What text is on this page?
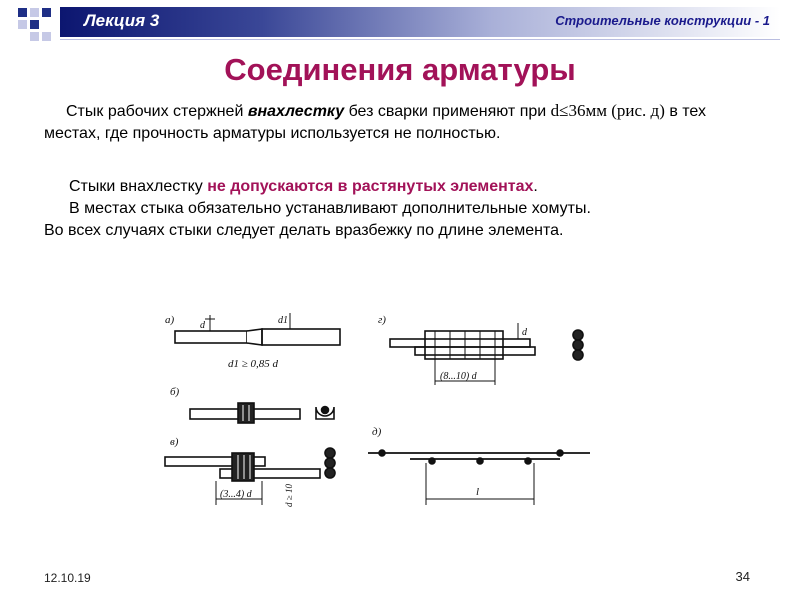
Лекция 3	Строительные конструкции - 1
Соединения арматуры
Стык рабочих стержней внахлестку без сварки применяют при d≤36мм (рис. д) в тех местах, где прочность арматуры используется не полностью.
Стыки внахлестку не допускаются в растянутых элементах.
В местах стыка обязательно устанавливают дополнительные хомуты.
Во всех случаях стыки следует делать вразбежку по длине элемента.
а)	d	d1
d1 ≥ 0,85 d
б)
в)
(3...4) d	d ≥ 10
г)
(8...10) d
d
д)
l
12.10.19	34
